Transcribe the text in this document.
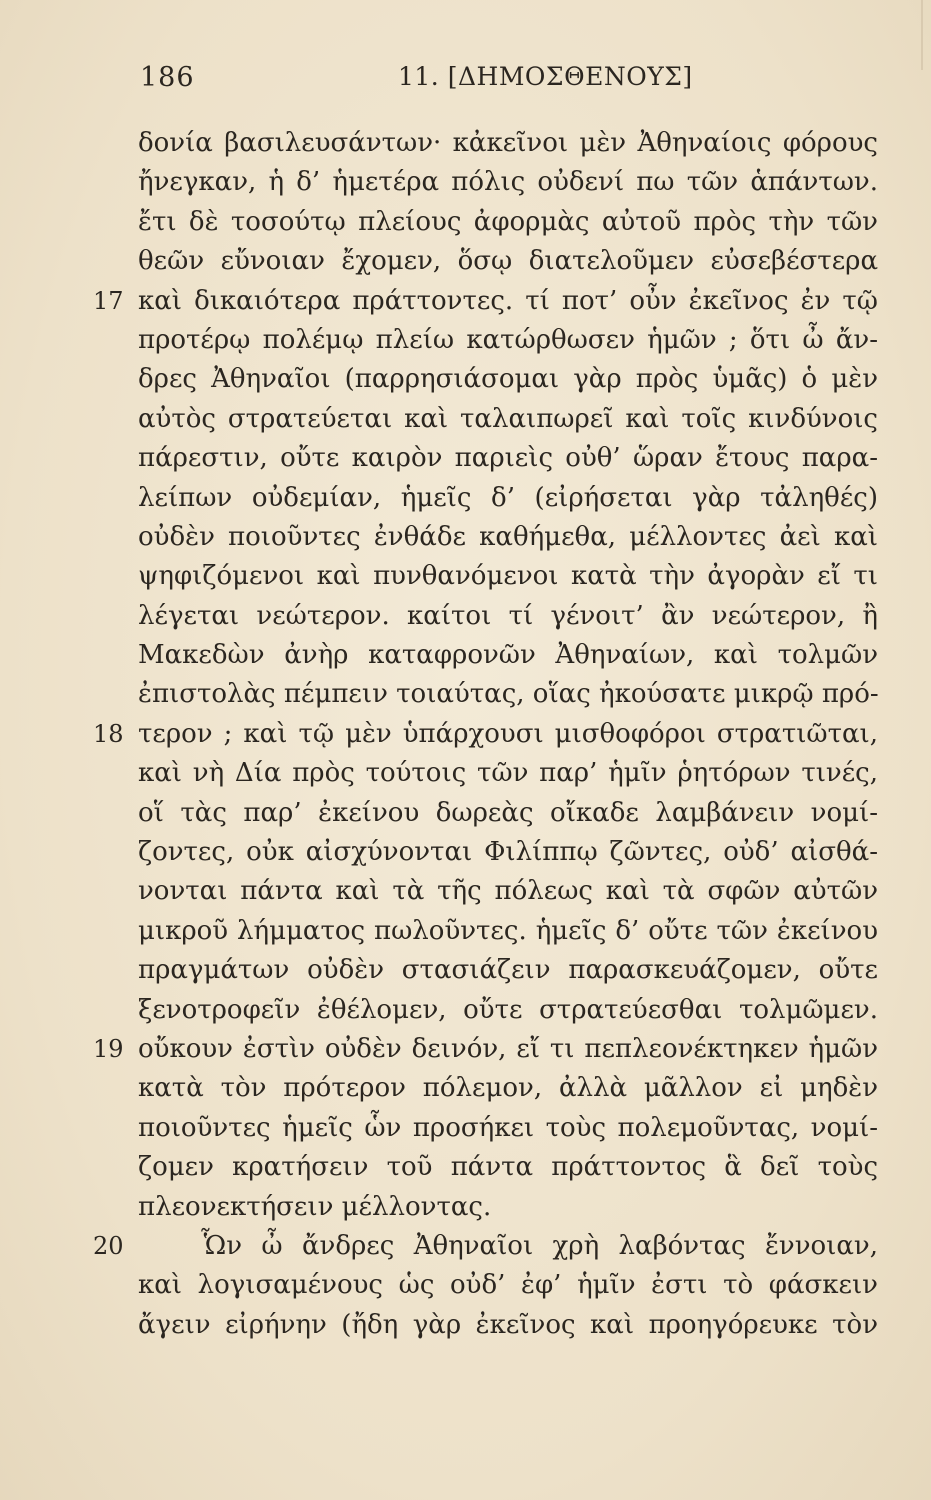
186	11. [ΔΗΜΟΣΘΕΝΟΥΣ]
δονία βασιλευσάντων· κἀκεῖνοι μὲν Ἀθηναίοις φόρους
ἤνεγκαν, ἡ δ’ ἡμετέρα πόλις οὐδενί πω τῶν ἁπάντων.
ἔτι δὲ τοσούτῳ πλείους ἀφορμὰς αὐτοῦ πρὸς τὴν τῶν
θεῶν εὔνοιαν ἔχομεν, ὅσῳ διατελοῦμεν εὐσεβέστερα
17 καὶ δικαιότερα πράττοντες. τί ποτ’ οὖν ἐκεῖνος ἐν τῷ
προτέρῳ πολέμῳ πλείω κατώρθωσεν ἡμῶν ; ὅτι ὦ ἄν-
δρες Ἀθηναῖοι (παρρησιάσομαι γὰρ πρὸς ὑμᾶς) ὁ μὲν
αὐτὸς στρατεύεται καὶ ταλαιπωρεῖ καὶ τοῖς κινδύνοις
πάρεστιν, οὔτε καιρὸν παριεὶς οὐθ’ ὥραν ἔτους παρα-
λείπων οὐδεμίαν, ἡμεῖς δ’ (εἰρήσεται γὰρ τἀληθές)
οὐδὲν ποιοῦντες ἐνθάδε καθήμεθα, μέλλοντες ἀεὶ καὶ
ψηφιζόμενοι καὶ πυνθανόμενοι κατὰ τὴν ἀγορὰν εἴ τι
λέγεται νεώτερον. καίτοι τί γένοιτ’ ἂν νεώτερον, ἢ
Μακεδὼν ἀνὴρ καταφρονῶν Ἀθηναίων, καὶ τολμῶν
ἐπιστολὰς πέμπειν τοιαύτας, οἵας ἠκούσατε μικρῷ πρό-
18 τερον ; καὶ τῷ μὲν ὑπάρχουσι μισθοφόροι στρατιῶται,
καὶ νὴ Δία πρὸς τούτοις τῶν παρ’ ἡμῖν ῥητόρων τινές,
οἵ τὰς παρ’ ἐκείνου δωρεὰς οἴκαδε λαμβάνειν νομί-
ζοντες, οὐκ αἰσχύνονται Φιλίππῳ ζῶντες, οὐδ’ αἰσθά-
νονται πάντα καὶ τὰ τῆς πόλεως καὶ τὰ σφῶν αὐτῶν
μικροῦ λήμματος πωλοῦντες. ἡμεῖς δ’ οὔτε τῶν ἐκείνου
πραγμάτων οὐδὲν στασιάζειν παρασκευάζομεν, οὔτε
ξενοτροφεῖν ἐθέλομεν, οὔτε στρατεύεσθαι τολμῶμεν.
19 οὔκουν ἐστὶν οὐδὲν δεινόν, εἴ τι πεπλεονέκτηκεν ἡμῶν
κατὰ τὸν πρότερον πόλεμον, ἀλλὰ μᾶλλον εἰ μηδὲν
ποιοῦντες ἡμεῖς ὧν προσήκει τοὺς πολεμοῦντας, νομί-
ζομεν κρατήσειν τοῦ πάντα πράττοντος ἃ δεῖ τοὺς
πλεονεκτήσειν μέλλοντας.
20	Ὧν ὦ ἄνδρες Ἀθηναῖοι χρὴ λαβόντας ἔννοιαν,
καὶ λογισαμένους ὡς οὐδ’ ἐφ’ ἡμῖν ἐστι τὸ φάσκειν
ἄγειν εἰρήνην (ἤδη γὰρ ἐκεῖνος καὶ προηγόρευκε τὸν
